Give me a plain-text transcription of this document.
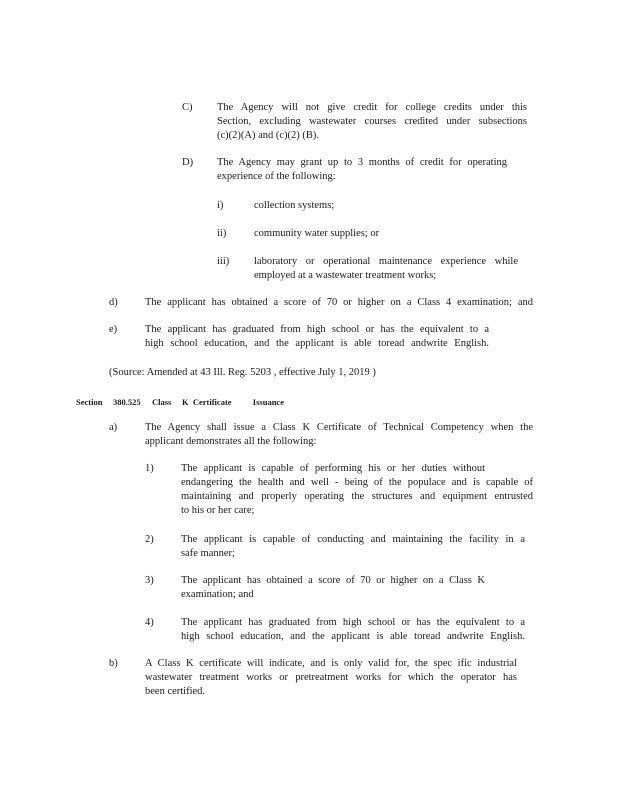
C) The Agency will not give credit for college credits under this
Section, excluding wastewater courses credited under subsections
(c)(2)(A) and (c)(2) (B).
D) The Agency may grant up to 3 months of credit for operating
experience of the following:
i)	collection systems;
ii)	community water supplies; or
iii) laboratory or operational maintenance experience while
employed at a wastewater treatment works;
d)	The applicant has obtained a score of 70 or higher on a Class 4 examination; and
e)	The applicant has graduated from high school or has the equivalent to a
high school education, and the applicant is able toread andwrite English.
(Source: Amended at 43 Ill. Reg. 5203 , effective July 1, 2019 )
Section 380.525 Class     K  Certificate          Issuance
a)	The Agency shall issue a Class K Certificate of Technical Competency when the
applicant demonstrates all the following:
1)	The applicant is capable of performing his or her duties without
endangering the health and well - being of the populace and is capable of
maintaining and properly operating the structures and equipment entrusted
to his or her care;
2)	The applicant is capable of conducting and maintaining the facility in a
safe manner;
3)	The applicant has obtained a score of 70 or higher on a Class K
examination; and
4)	The applicant has graduated from high school or has the equivalent to a
high school education, and the applicant is able toread andwrite English.
b)	A Class K certificate will indicate, and is only valid for, the spec ific industrial
wastewater treatment works or pretreatment works for which the operator has
been certified.
